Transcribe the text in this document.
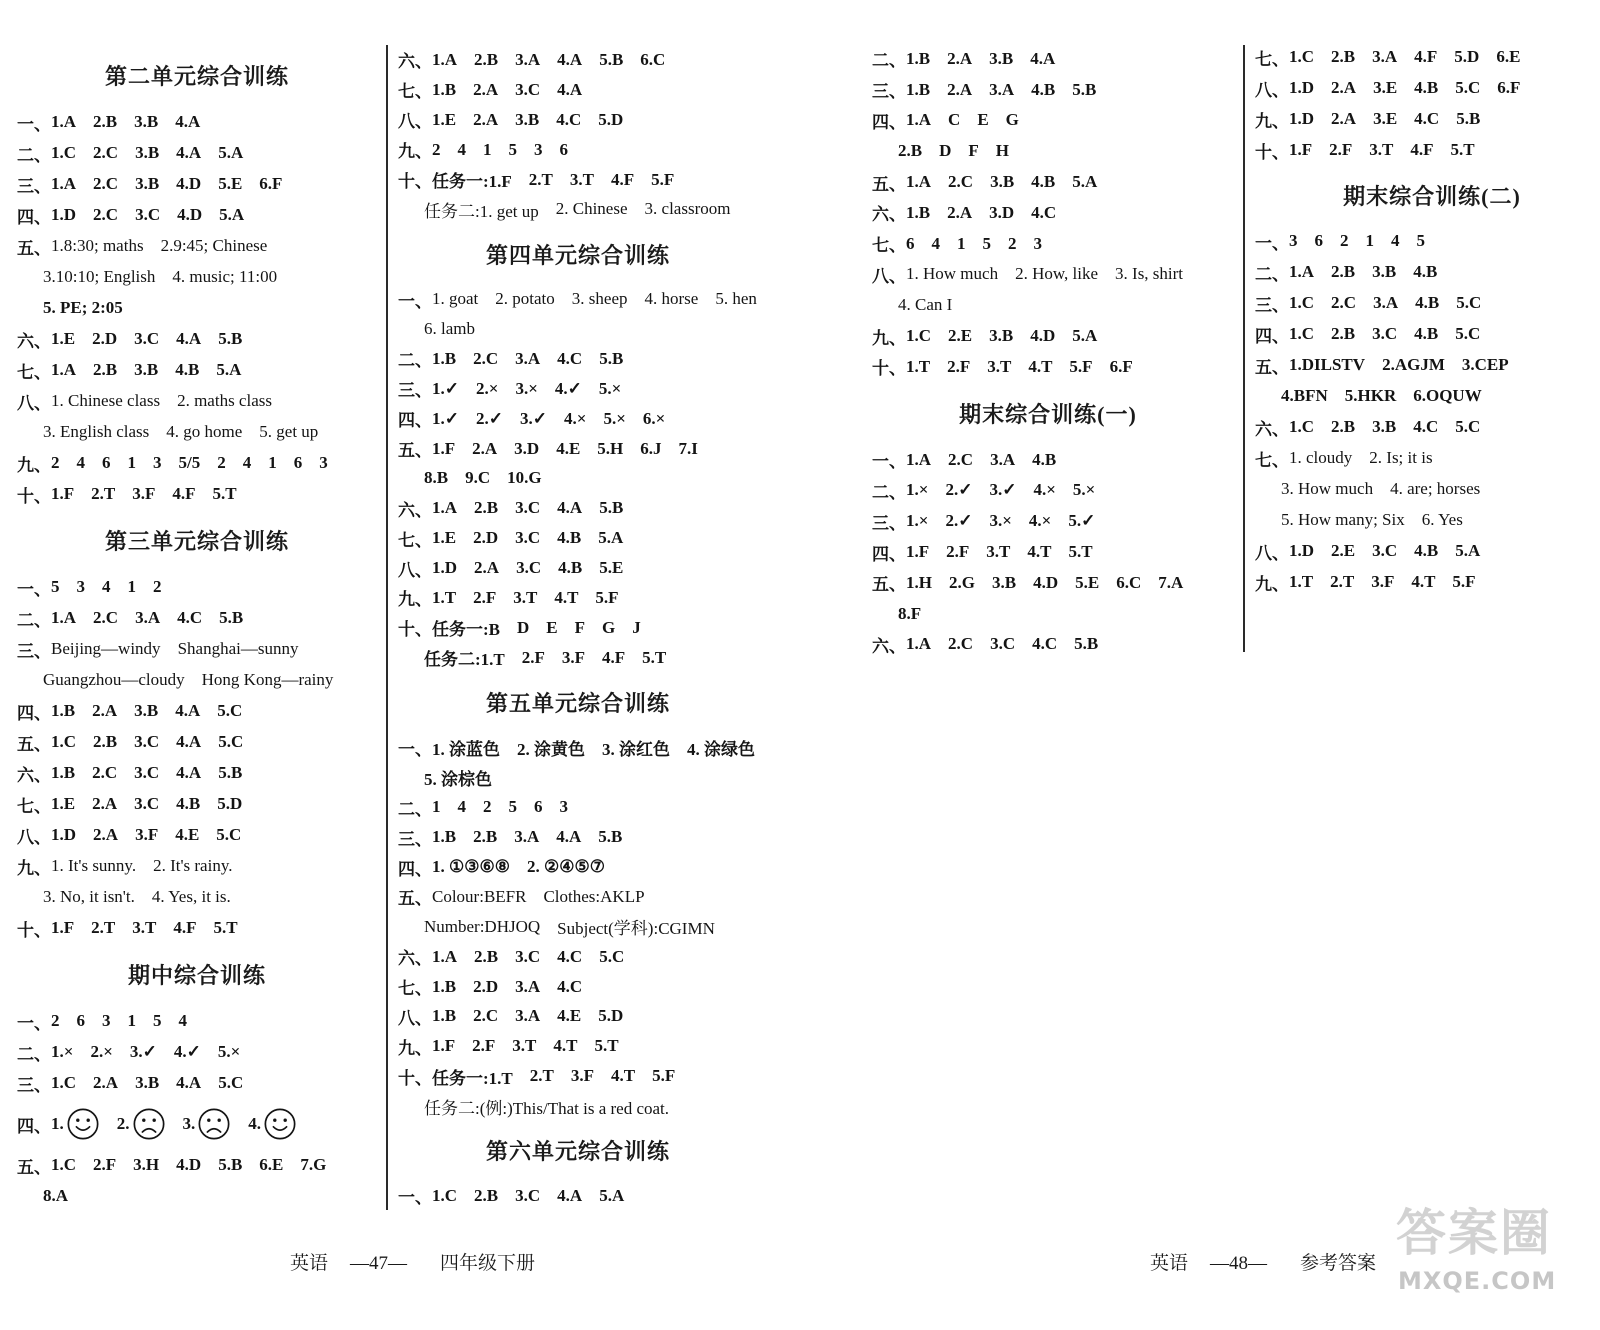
第二单元综合训练
一、 1.A 2.B 3.B 4.A
二、 1.C 2.C 3.B 4.A 5.A
三、 1.A 2.C 3.B 4.D 5.E 6.F
四、 1.D 2.C 3.C 4.D 5.A
五、 1.8:30; maths 2.9:45; Chinese
3.10:10; English 4. music; 11:00
5. PE; 2:05
六、 1.E 2.D 3.C 4.A 5.B
七、 1.A 2.B 3.B 4.B 5.A
八、 1. Chinese class 2. maths class
3. English class 4. go home 5. get up
九、 2 4 6 1 3 5/5 2 4 1 6 3
十、 1.F 2.T 3.F 4.F 5.T
第三单元综合训练
一、 5 3 4 1 2
二、 1.A 2.C 3.A 4.C 5.B
三、 Beijing—windy Shanghai—sunny
Guangzhou—cloudy Hong Kong—rainy
四、 1.B 2.A 3.B 4.A 5.C
五、 1.C 2.B 3.C 4.A 5.C
六、 1.B 2.C 3.C 4.A 5.B
七、 1.E 2.A 3.C 4.B 5.D
八、 1.D 2.A 3.F 4.E 5.C
九、 1. It's sunny. 2. It's rainy.
3. No, it isn't. 4. Yes, it is.
十、 1.F 2.T 3.T 4.F 5.T
期中综合训练
一、 2 6 3 1 5 4
二、 1.× 2.× 3.✓ 4.✓ 5.×
三、 1.C 2.A 3.B 4.A 5.C
四、 1.	2.	3.	4.
五、 1.C 2.F 3.H 4.D 5.B 6.E 7.G
8.A
六、 1.A 2.B 3.A 4.A 5.B 6.C
七、 1.B 2.A 3.C 4.A
八、 1.E 2.A 3.B 4.C 5.D
九、 2 4 1 5 3 6
十、 任务一:1.F 2.T 3.T 4.F 5.F
任务二:1. get up 2. Chinese 3. classroom
第四单元综合训练
一、 1. goat 2. potato 3. sheep 4. horse 5. hen
6. lamb
二、 1.B 2.C 3.A 4.C 5.B
三、 1.✓ 2.× 3.× 4.✓ 5.×
四、 1.✓ 2.✓ 3.✓ 4.× 5.× 6.×
五、 1.F 2.A 3.D 4.E 5.H 6.J 7.I
8.B 9.C 10.G
六、 1.A 2.B 3.C 4.A 5.B
七、 1.E 2.D 3.C 4.B 5.A
八、 1.D 2.A 3.C 4.B 5.E
九、 1.T 2.F 3.T 4.T 5.F
十、 任务一:B D E F G J
任务二:1.T 2.F 3.F 4.F 5.T
第五单元综合训练
一、 1. 涂蓝色 2. 涂黄色 3. 涂红色 4. 涂绿色
5. 涂棕色
二、 1 4 2 5 6 3
三、 1.B 2.B 3.A 4.A 5.B
四、 1. ①③⑥⑧ 2. ②④⑤⑦
五、 Colour:BEFR Clothes:AKLP
Number:DHJOQ Subject(学科):CGIMN
六、 1.A 2.B 3.C 4.C 5.C
七、 1.B 2.D 3.A 4.C
八、 1.B 2.C 3.A 4.E 5.D
九、 1.F 2.F 3.T 4.T 5.T
十、 任务一:1.T 2.T 3.F 4.T 5.F
任务二:(例:)This/That is a red coat.
第六单元综合训练
一、 1.C 2.B 3.C 4.A 5.A
二、 1.B 2.A 3.B 4.A
三、 1.B 2.A 3.A 4.B 5.B
四、 1.A C E G
2.B D F H
五、 1.A 2.C 3.B 4.B 5.A
六、 1.B 2.A 3.D 4.C
七、 6 4 1 5 2 3
八、 1. How much 2. How, like 3. Is, shirt
4. Can I
九、 1.C 2.E 3.B 4.D 5.A
十、 1.T 2.F 3.T 4.T 5.F 6.F
期末综合训练(一)
一、 1.A 2.C 3.A 4.B
二、 1.× 2.✓ 3.✓ 4.× 5.×
三、 1.× 2.✓ 3.× 4.× 5.✓
四、 1.F 2.F 3.T 4.T 5.T
五、 1.H 2.G 3.B 4.D 5.E 6.C 7.A
8.F
六、 1.A 2.C 3.C 4.C 5.B
七、 1.C 2.B 3.A 4.F 5.D 6.E
八、 1.D 2.A 3.E 4.B 5.C 6.F
九、 1.D 2.A 3.E 4.C 5.B
十、 1.F 2.F 3.T 4.F 5.T
期末综合训练(二)
一、 3 6 2 1 4 5
二、 1.A 2.B 3.B 4.B
三、 1.C 2.C 3.A 4.B 5.C
四、 1.C 2.B 3.C 4.B 5.C
五、 1.DILSTV 2.AGJM 3.CEP
4.BFN 5.HKR 6.OQUW
六、 1.C 2.B 3.B 4.C 5.C
七、 1. cloudy 2. Is; it is
3. How much 4. are; horses
5. How many; Six 6. Yes
八、 1.D 2.E 3.C 4.B 5.A
九、 1.T 2.T 3.F 4.T 5.F
英语 —47— 四年级下册	英语 —48— 参考答案
答案圈
MXQE.COM
